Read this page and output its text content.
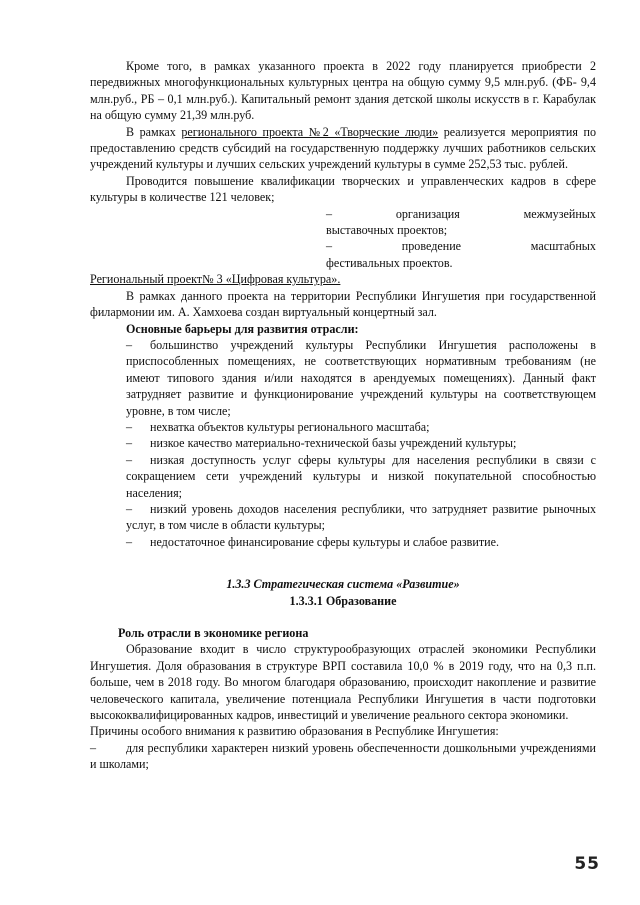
Кроме того, в рамках указанного проекта в 2022 году планируется приобрести 2 передвижных многофункциональных культурных центра на общую сумму 9,5 млн.руб. (ФБ- 9,4 млн.руб., РБ – 0,1 млн.руб.). Капитальный ремонт здания детской школы искусств в г. Карабулак на общую сумму 21,39 млн.руб.

В рамках регионального проекта №2 «Творческие люди» реализуется мероприятия по предоставлению средств субсидий на государственную поддержку лучших работников сельских учреждений культуры и лучших сельских учреждений культуры в сумме 252,53 тыс. рублей.

Проводится повышение квалификации творческих и управленческих кадров в сфере культуры в количестве 121 человек;

–	организация	межмузейных
выставочных проектов;
–	проведение	масштабных
фестивальных проектов.

Региональный проект№ 3 «Цифровая культура».

В рамках данного проекта на территории Республики Ингушетия при государственной филармонии им. А. Хамхоева создан виртуальный концертный зал.

Основные барьеры для развития отрасли:

– большинство учреждений культуры Республики Ингушетия расположены в приспособленных помещениях, не соответствующих нормативным требованиям (не имеют типового здания и/или находятся в арендуемых помещениях). Данный факт затрудняет развитие и функционирование учреждений культуры на соответствующем уровне, в том числе;

– нехватка объектов культуры регионального масштаба;

– низкое качество материально-технической базы учреждений культуры;

– низкая доступность услуг сферы культуры для населения республики в связи с сокращением сети учреждений культуры и низкой покупательной способностью населения;

– низкий уровень доходов населения республики, что затрудняет развитие рыночных услуг, в том числе в области культуры;

– недостаточное финансирование сферы культуры и слабое развитие.

1.3.3 Стратегическая система «Развитие»

1.3.3.1 Образование

Роль отрасли в экономике региона

Образование входит в число структурообразующих отраслей экономики Республики Ингушетия. Доля образования в структуре ВРП составила 10,0 % в 2019 году, что на 0,3 п.п. больше, чем в 2018 году. Во многом благодаря образованию, происходит накопление и развитие человеческого капитала, увеличение потенциала Республики Ингушетия в части подготовки высококвалифицированных кадров, инвестиций и увеличение реального сектора экономики.

Причины особого внимания к развитию образования в Республике Ингушетия:

– для республики характерен низкий уровень обеспеченности дошкольными учреждениями и школами;

55
